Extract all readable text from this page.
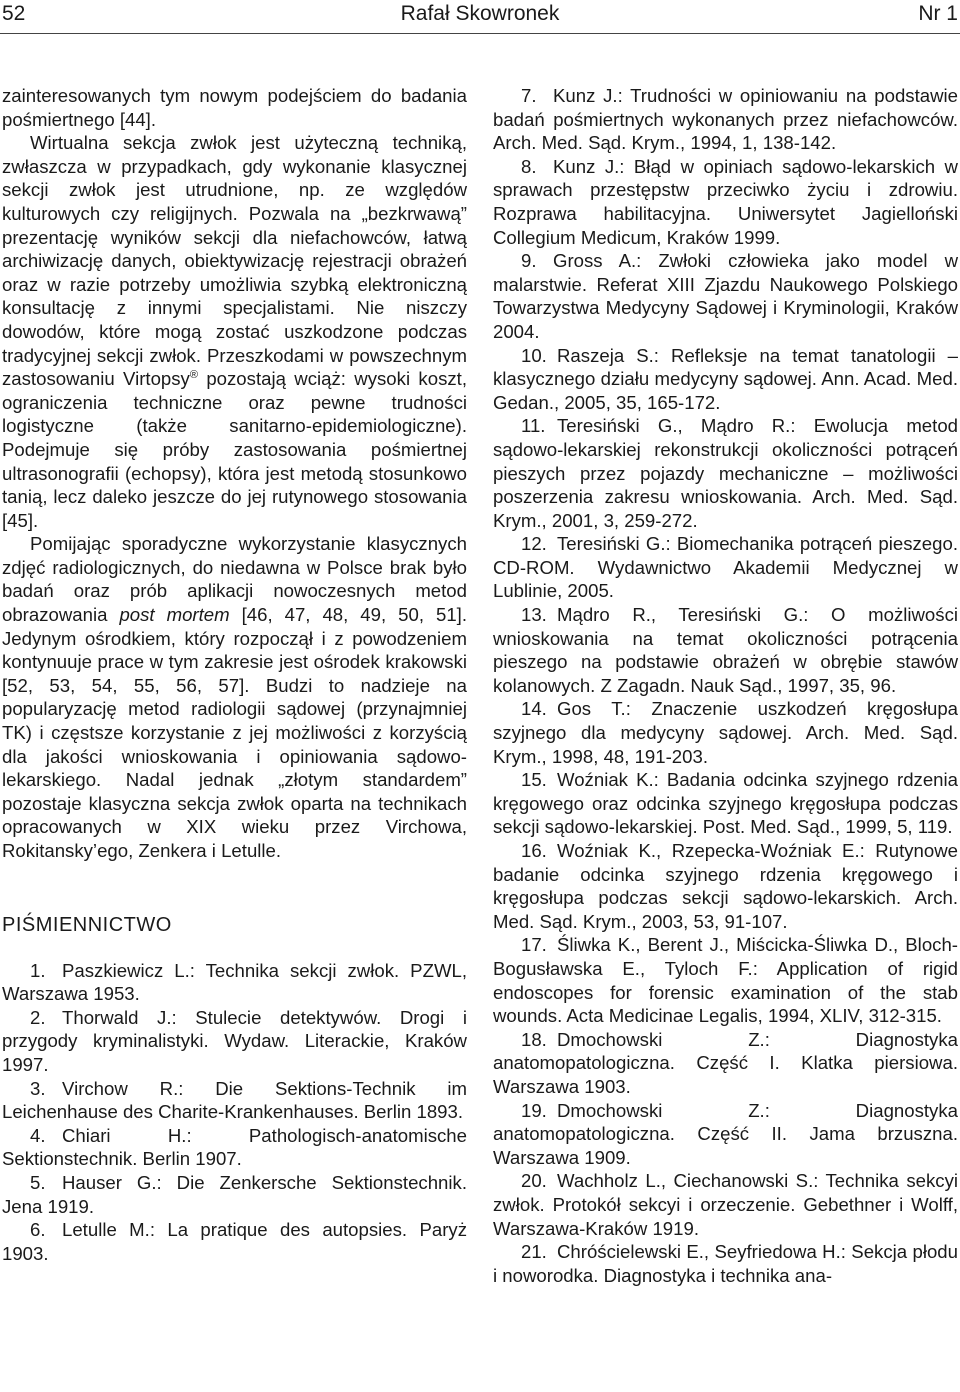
52	Rafał Skowronek	Nr 1

zainteresowanych tym nowym podejściem do badania pośmiertnego [44].

Wirtualna sekcja zwłok jest użyteczną techniką, zwłaszcza w przypadkach, gdy wykonanie klasycznej sekcji zwłok jest utrudnione, np. ze względów kulturowych czy religijnych. Pozwala na „bezkrwawą” prezentację wyników sekcji dla niefachowców, łatwą archiwizację danych, obiektywizację rejestracji obrażeń oraz w razie potrzeby umożliwia szybką elektroniczną konsultację z innymi specjalistami. Nie niszczy dowodów, które mogą zostać uszkodzone podczas tradycyjnej sekcji zwłok. Przeszkodami w powszechnym zastosowaniu Virtopsy® pozostają wciąż: wysoki koszt, ograniczenia techniczne oraz pewne trudności logistyczne (także sanitarno-epidemiologiczne). Podejmuje się próby zastosowania pośmiertnej ultrasonografii (echopsy), która jest metodą stosunkowo tanią, lecz daleko jeszcze do jej rutynowego stosowania [45].

Pomijając sporadyczne wykorzystanie klasycznych zdjęć radiologicznych, do niedawna w Polsce brak było badań oraz prób aplikacji nowoczesnych metod obrazowania post mortem [46, 47, 48, 49, 50, 51]. Jedynym ośrodkiem, który rozpoczął i z powodzeniem kontynuuje prace w tym zakresie jest ośrodek krakowski [52, 53, 54, 55, 56, 57]. Budzi to nadzieje na popularyzację metod radiologii sądowej (przynajmniej TK) i częstsze korzystanie z jej możliwości z korzyścią dla jakości wnioskowania i opiniowania sądowo-lekarskiego. Nadal jednak „złotym standardem” pozostaje klasyczna sekcja zwłok oparta na technikach opracowanych w XIX wieku przez Virchowa, Rokitansky’ego, Zenkera i Letulle.

PIŚMIENNICTWO

1. Paszkiewicz L.: Technika sekcji zwłok. PZWL, Warszawa 1953.

2. Thorwald J.: Stulecie detektywów. Drogi i przygody kryminalistyki. Wydaw. Literackie, Kraków 1997.

3. Virchow R.: Die Sektions-Technik im Leichenhause des Charite-Krankenhauses. Berlin 1893.

4. Chiari H.: Pathologisch-anatomische Sektionstechnik. Berlin 1907.

5. Hauser G.: Die Zenkersche Sektionstechnik. Jena 1919.

6. Letulle M.: La pratique des autopsies. Paryż 1903.

7. Kunz J.: Trudności w opiniowaniu na podstawie badań pośmiertnych wykonanych przez niefachowców. Arch. Med. Sąd. Krym., 1994, 1, 138-142.

8. Kunz J.: Błąd w opiniach sądowo-lekarskich w sprawach przestępstw przeciwko życiu i zdrowiu. Rozprawa habilitacyjna. Uniwersytet Jagielloński Collegium Medicum, Kraków 1999.

9. Gross A.: Zwłoki człowieka jako model w malarstwie. Referat XIII Zjazdu Naukowego Polskiego Towarzystwa Medycyny Sądowej i Kryminologii, Kraków 2004.

10. Raszeja S.: Refleksje na temat tanatologii – klasycznego działu medycyny sądowej. Ann. Acad. Med. Gedan., 2005, 35, 165-172.

11. Teresiński G., Mądro R.: Ewolucja metod sądowo-lekarskiej rekonstrukcji okoliczności potrąceń pieszych przez pojazdy mechaniczne – możliwości poszerzenia zakresu wnioskowania. Arch. Med. Sąd. Krym., 2001, 3, 259-272.

12. Teresiński G.: Biomechanika potrąceń pieszego. CD-ROM. Wydawnictwo Akademii Medycznej w Lublinie, 2005.

13. Mądro R., Teresiński G.: O możliwości wnioskowania na temat okoliczności potrącenia pieszego na podstawie obrażeń w obrębie stawów kolanowych. Z Zagadn. Nauk Sąd., 1997, 35, 96.

14. Gos T.: Znaczenie uszkodzeń kręgosłupa szyjnego dla medycyny sądowej. Arch. Med. Sąd. Krym., 1998, 48, 191-203.

15. Woźniak K.: Badania odcinka szyjnego rdzenia kręgowego oraz odcinka szyjnego kręgosłupa podczas sekcji sądowo-lekarskiej. Post. Med. Sąd., 1999, 5, 119.

16. Woźniak K., Rzepecka-Woźniak E.: Rutynowe badanie odcinka szyjnego rdzenia kręgowego i kręgosłupa podczas sekcji sądowo-lekarskich. Arch. Med. Sąd. Krym., 2003, 53, 91-107.

17. Śliwka K., Berent J., Miścicka-Śliwka D., Bloch-Bogusławska E., Tyloch F.: Application of rigid endoscopes for forensic examination of the stab wounds. Acta Medicinae Legalis, 1994, XLIV, 312-315.

18. Dmochowski Z.: Diagnostyka anatomopatologiczna. Część I. Klatka piersiowa. Warszawa 1903.

19. Dmochowski Z.: Diagnostyka anatomopatologiczna. Część II. Jama brzuszna. Warszawa 1909.

20. Wachholz L., Ciechanowski S.: Technika sekcyi zwłok. Protokół sekcyi i orzeczenie. Gebethner i Wolff, Warszawa-Kraków 1919.

21. Chróścielewski E., Seyfriedowa H.: Sekcja płodu i noworodka. Diagnostyka i technika ana-
